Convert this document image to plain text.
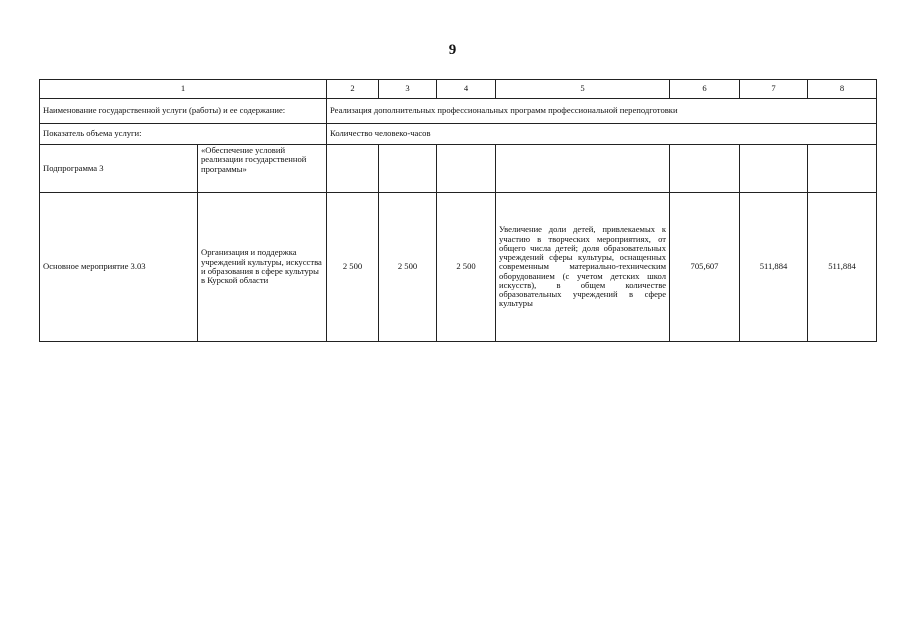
9
1		2	3	4	5	6	7	8
Наименование государственной услуги (работы) и ее содержание:		Реализация дополнительных профессиональных программ профессиональной переподготовки						
Показатель объема услуги:		Количество человеко-часов						
Подпрограмма 3	«Обеспечение условий реализации государственной программы»							
Основное мероприятие 3.03	Организация и поддержка учреждений культуры, искусства и образования в сфере культуры в Курской области	2 500	2 500	2 500	Увеличение доли детей, привлекаемых к участию в творческих мероприятиях, от общего числа детей; доля образовательных учреждений сферы культуры, оснащенных современным материально-техническим оборудованием (с учетом детских школ искусств), в общем количестве образовательных учреждений в сфере культуры	705,607	511,884	511,884
